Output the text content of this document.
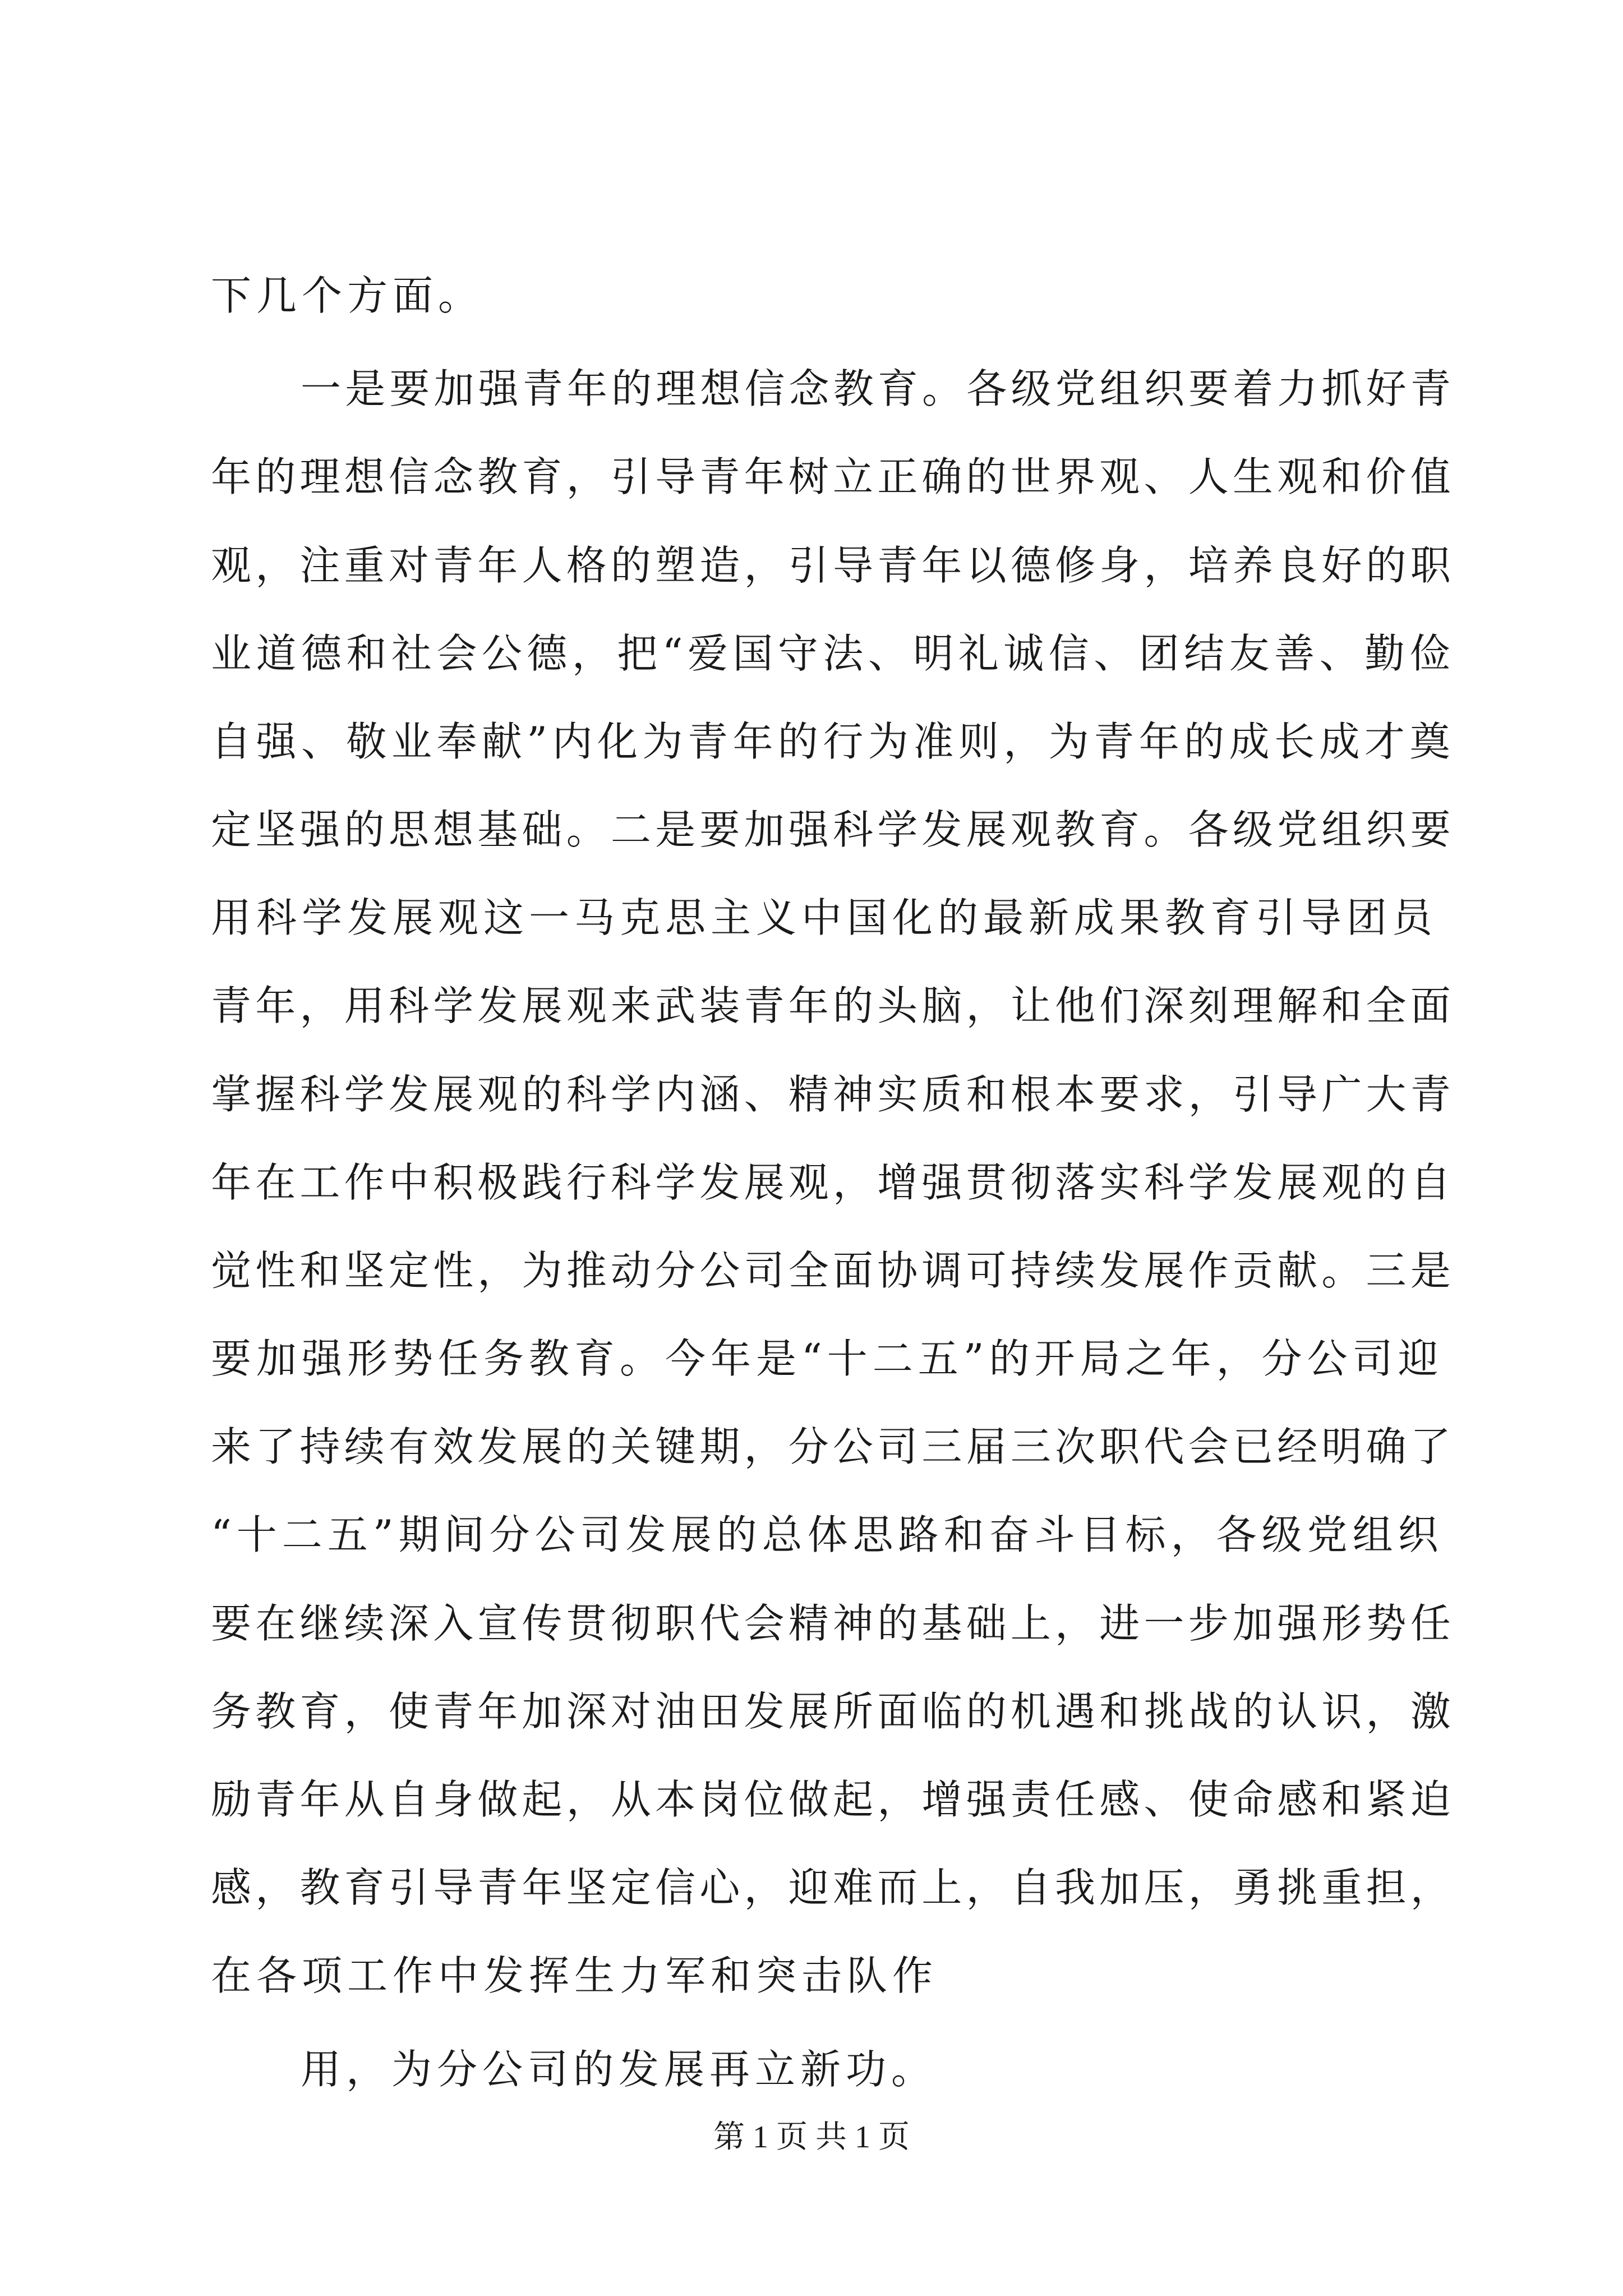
下几个方面。

一是要加强青年的理想信念教育。各级党组织要着力抓好青

年的理想信念教育，引导青年树立正确的世界观、人生观和价值

观，注重对青年人格的塑造，引导青年以德修身，培养良好的职

业道德和社会公德，把“爱国守法、明礼诚信、团结友善、勤俭

自强、敬业奉献”内化为青年的行为准则，为青年的成长成才奠

定坚强的思想基础。二是要加强科学发展观教育。各级党组织要

用科学发展观这一马克思主义中国化的最新成果教育引导团员

青年，用科学发展观来武装青年的头脑，让他们深刻理解和全面

掌握科学发展观的科学内涵、精神实质和根本要求，引导广大青

年在工作中积极践行科学发展观，增强贯彻落实科学发展观的自

觉性和坚定性，为推动分公司全面协调可持续发展作贡献。三是

要加强形势任务教育。今年是“十二五”的开局之年，分公司迎

来了持续有效发展的关键期，分公司三届三次职代会已经明确了

“十二五”期间分公司发展的总体思路和奋斗目标，各级党组织

要在继续深入宣传贯彻职代会精神的基础上，进一步加强形势任

务教育，使青年加深对油田发展所面临的机遇和挑战的认识，激

励青年从自身做起，从本岗位做起，增强责任感、使命感和紧迫

感，教育引导青年坚定信心，迎难而上，自我加压，勇挑重担，

在各项工作中发挥生力军和突击队作

用，为分公司的发展再立新功。

第 1 页 共 1 页
